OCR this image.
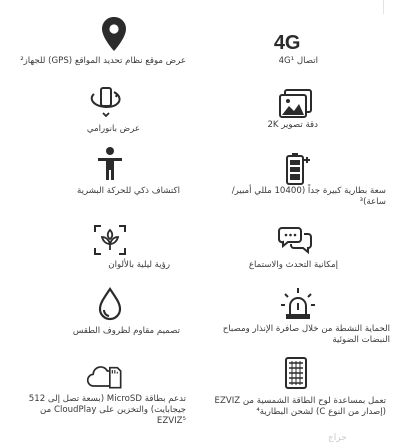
4G
اتصال 4G¹
عرض موقع نظام تحديد المواقع (GPS) للجهاز²
دقة تصوير 2K
عرض بانورامي
سعة بطارية كبيرة جداً (10400 مللي أمبير/
ساعة)³
اكتشاف ذكي للحركة البشرية
إمكانية التحدث والاستماع
رؤية ليلية بالألوان
الحماية النشطة من خلال صافرة الإنذار ومصباح
النبضات الضوئية
تصميم مقاوم لظروف الطقس
تعمل بمساعدة لوح الطاقة الشمسية من EZVIZ
(إصدار من النوع C) لشحن البطارية⁴
تدعم بطاقة MicroSD (بسعة تصل إلى 512
جيجابايت) والتخزين على CloudPlay من
EZVIZ⁵
حراج
